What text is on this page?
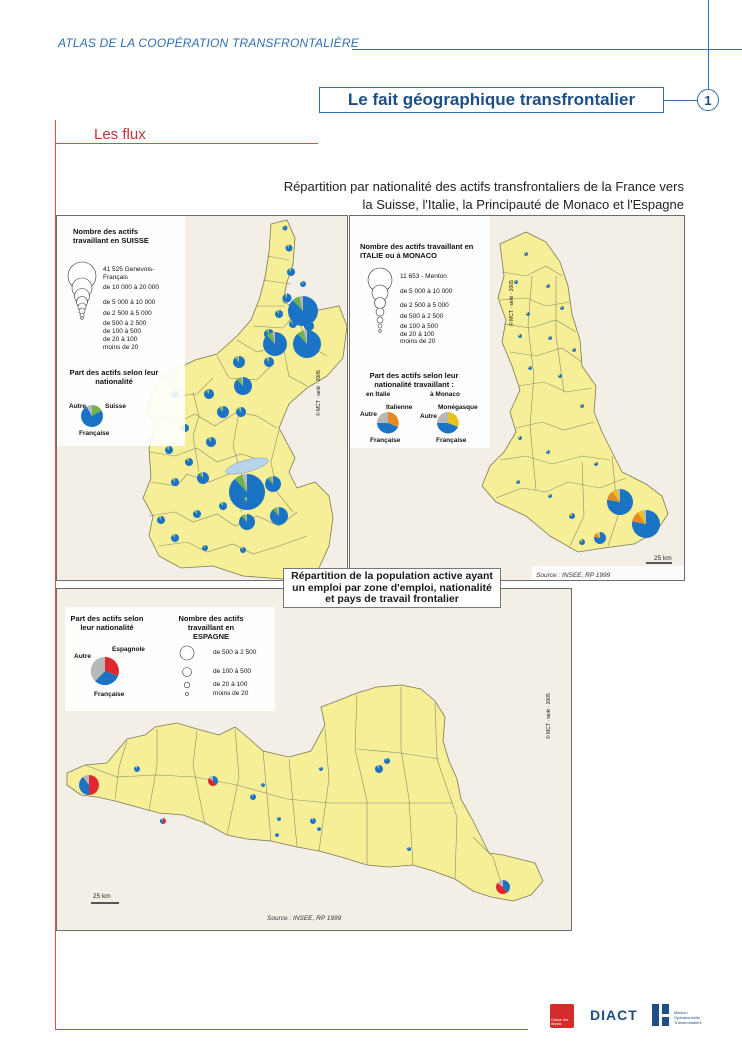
ATLAS DE LA COOPÉRATION TRANSFRONTALIÈRE
Le fait géographique transfrontalier	1
Les flux
Répartition par nationalité des actifs transfrontaliers de la France vers
la Suisse, l'Italie, la Principauté de Monaco et l'Espagne
Nombre des actifs travaillant en SUISSE
41 525 Genevois-Français
de 10 000 à 20 000
de 5 000 à 10 000
de 2 500 à 5 000
de 500 à 2 500
de 100 à 500
de 20 à 100
moins de 20
Part des actifs selon leur nationalité
Autre	Suisse
Française
© MCT · seiki · 2005
Nombre des actifs travaillant en ITALIE ou à MONACO
11 653 - Menton
de 5 000 à 10 000
de 2 500 à 5 000
de 500 à 2 500
de 100 à 500
de 20 à 100
moins de 20
Part des actifs selon leur nationalité travaillant :
en Italie	à Monaco
Italienne
Autre
Française
Monégasque
Autre
Française
25 km
Source : INSEE, RP 1999
© MCT · seiki · 2005
Part des actifs selon leur nationalité
Espagnole
Autre
Française
Nombre des actifs travaillant en ESPAGNE
de 500 à 2 500
de 100 à 500
de 20 à 100
moins de 20
25 km
Source : INSEE, RP 1999
© MCT · seiki · 2005
Répartition de la population active ayant un emploi par zone d'emploi, nationalité et pays de travail frontalier
Caisse des dépôts
DIACT	Mission Opérationnelle Transfrontalière
